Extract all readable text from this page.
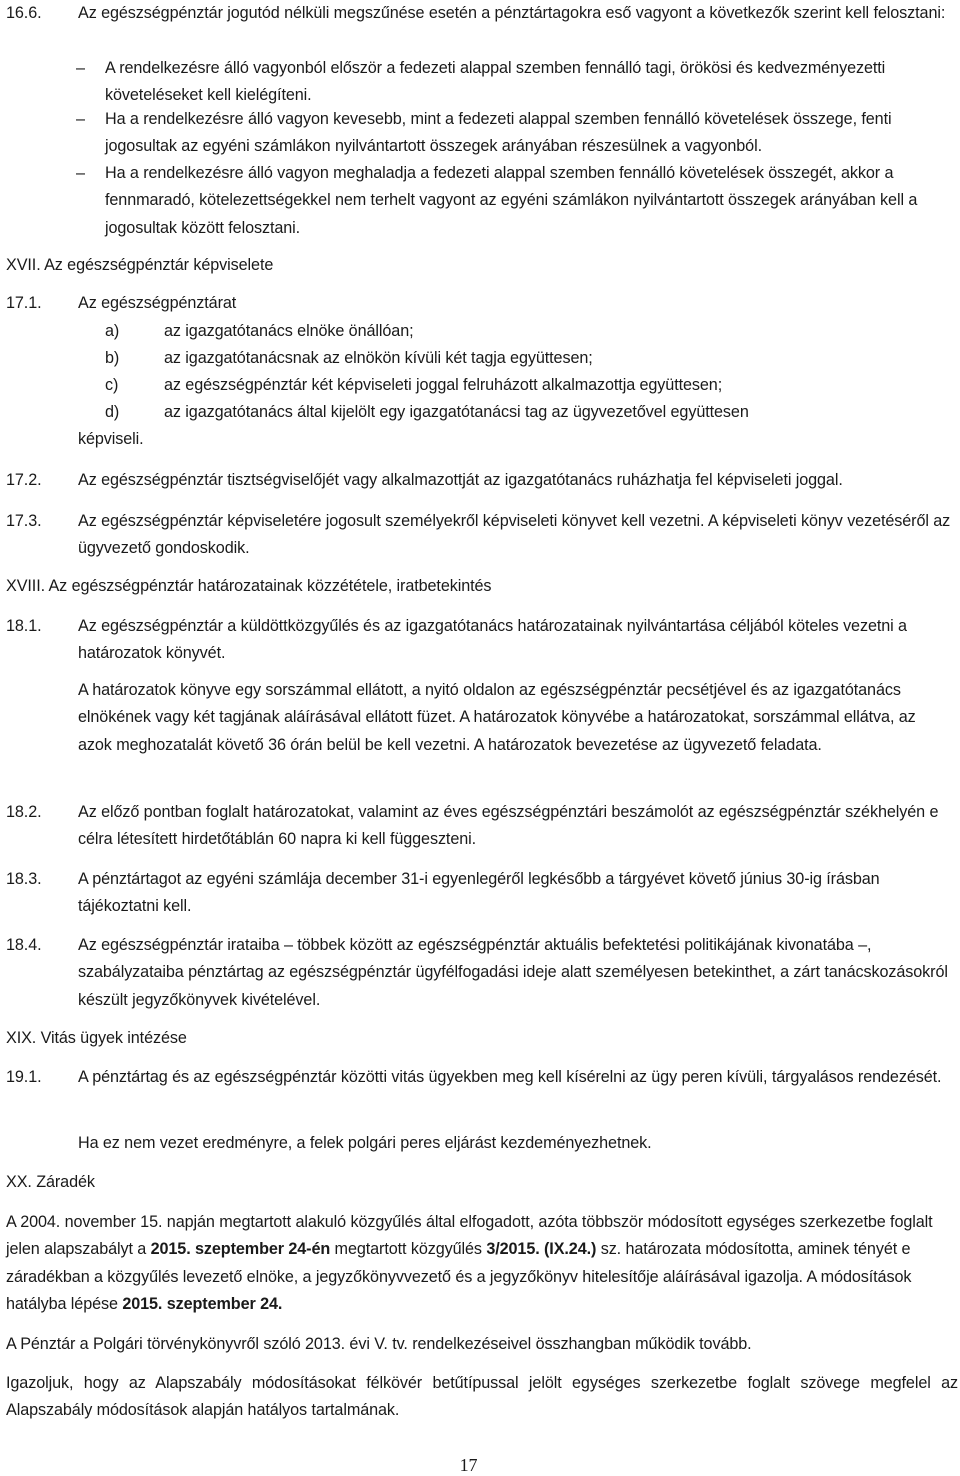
16.6. Az egészségpénztár jogutód nélküli megszűnése esetén a pénztártagokra eső vagyont a következők szerint kell felosztani:
– A rendelkezésre álló vagyonból először a fedezeti alappal szemben fennálló tagi, örökösi és kedvezményezetti követeléseket kell kielégíteni.
– Ha a rendelkezésre álló vagyon kevesebb, mint a fedezeti alappal szemben fennálló követelések összege, fenti jogosultak az egyéni számlákon nyilvántartott összegek arányában részesülnek a vagyonból.
– Ha a rendelkezésre álló vagyon meghaladja a fedezeti alappal szemben fennálló követelések összegét, akkor a fennmaradó, kötelezettségekkel nem terhelt vagyont az egyéni számlákon nyilvántartott összegek arányában kell a jogosultak között felosztani.
XVII. Az egészségpénztár képviselete
17.1. Az egészségpénztárat
a)	az igazgatótanács elnöke önállóan;
b)	az igazgatótanácsnak az elnökön kívüli két tagja együttesen;
c)	az egészségpénztár két képviseleti joggal felruházott alkalmazottja együttesen;
d)	az igazgatótanács által kijelölt egy igazgatótanácsi tag az ügyvezetővel együttesen
képviseli.
17.2. Az egészségpénztár tisztségviselőjét vagy alkalmazottját az igazgatótanács ruházhatja fel képviseleti joggal.
17.3. Az egészségpénztár képviseletére jogosult személyekről képviseleti könyvet kell vezetni. A képviseleti könyv vezetéséről az ügyvezető gondoskodik.
XVIII. Az egészségpénztár határozatainak közzététele, iratbetekintés
18.1. Az egészségpénztár a küldöttközgyűlés és az igazgatótanács határozatainak nyilvántartása céljából köteles vezetni a határozatok könyvét.
A határozatok könyve egy sorszámmal ellátott, a nyitó oldalon az egészségpénztár pecsétjével és az igazgatótanács elnökének vagy két tagjának aláírásával ellátott füzet. A határozatok könyvébe a határozatokat, sorszámmal ellátva, az azok meghozatalát követő 36 órán belül be kell vezetni. A határozatok bevezetése az ügyvezető feladata.
18.2. Az előző pontban foglalt határozatokat, valamint az éves egészségpénztári beszámolót az egészségpénztár székhelyén e célra létesített hirdetőtáblán 60 napra ki kell függeszteni.
18.3. A pénztártagot az egyéni számlája december 31-i egyenlegéről legkésőbb a tárgyévet követő június 30-ig írásban tájékoztatni kell.
18.4. Az egészségpénztár irataiba – többek között az egészségpénztár aktuális befektetési politikájának kivonatába –, szabályzataiba pénztártag az egészségpénztár ügyfélfogadási ideje alatt személyesen betekinthet, a zárt tanácskozásokról készült jegyzőkönyvek kivételével.
XIX. Vitás ügyek intézése
19.1. A pénztártag és az egészségpénztár közötti vitás ügyekben meg kell kísérelni az ügy peren kívüli, tárgyalásos rendezését.
Ha ez nem vezet eredményre, a felek polgári peres eljárást kezdeményezhetnek.
XX. Záradék
A 2004. november 15. napján megtartott alakuló közgyűlés által elfogadott, azóta többször módosított egységes szerkezetbe foglalt jelen alapszabályt a 2015. szeptember 24-én megtartott közgyűlés 3/2015. (IX.24.) sz. határozata módosította, aminek tényét e záradékban a közgyűlés levezető elnöke, a jegyzőkönyvvezető és a jegyzőkönyv hitelesítője aláírásával igazolja. A módosítások hatályba lépése 2015. szeptember 24.
A Pénztár a Polgári törvénykönyvről szóló 2013. évi V. tv. rendelkezéseivel összhangban működik tovább.
Igazoljuk, hogy az Alapszabály módosításokat félkövér betűtípussal jelölt egységes szerkezetbe foglalt szövege megfelel az Alapszabály módosítások alapján hatályos tartalmának.
17
